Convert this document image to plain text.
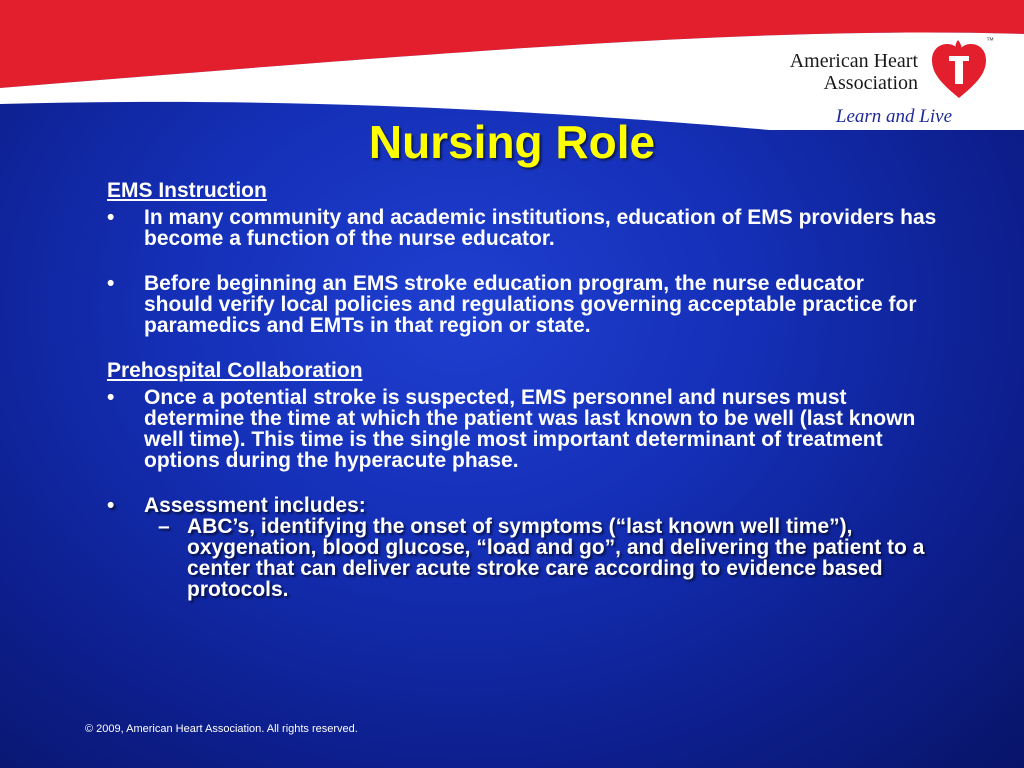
American Heart
Association
Learn and Live
™
Nursing Role

EMS Instruction

• In many community and academic institutions, education of EMS providers has become a function of the nurse educator.
• Before beginning an EMS stroke education program, the nurse educator should verify local policies and regulations governing acceptable practice for paramedics and EMTs in that region or state.

Prehospital Collaboration

• Once a potential stroke is suspected, EMS personnel and nurses must determine the time at which the patient was last known to be well (last known well time). This time is the single most important determinant of treatment options during the hyperacute phase.
• Assessment includes:
– ABC’s, identifying the onset of symptoms (“last known well time”), oxygenation, blood glucose, “load and go”, and delivering the patient to a center that can deliver acute stroke care according to evidence based protocols.
© 2009, American Heart Association. All rights reserved.
